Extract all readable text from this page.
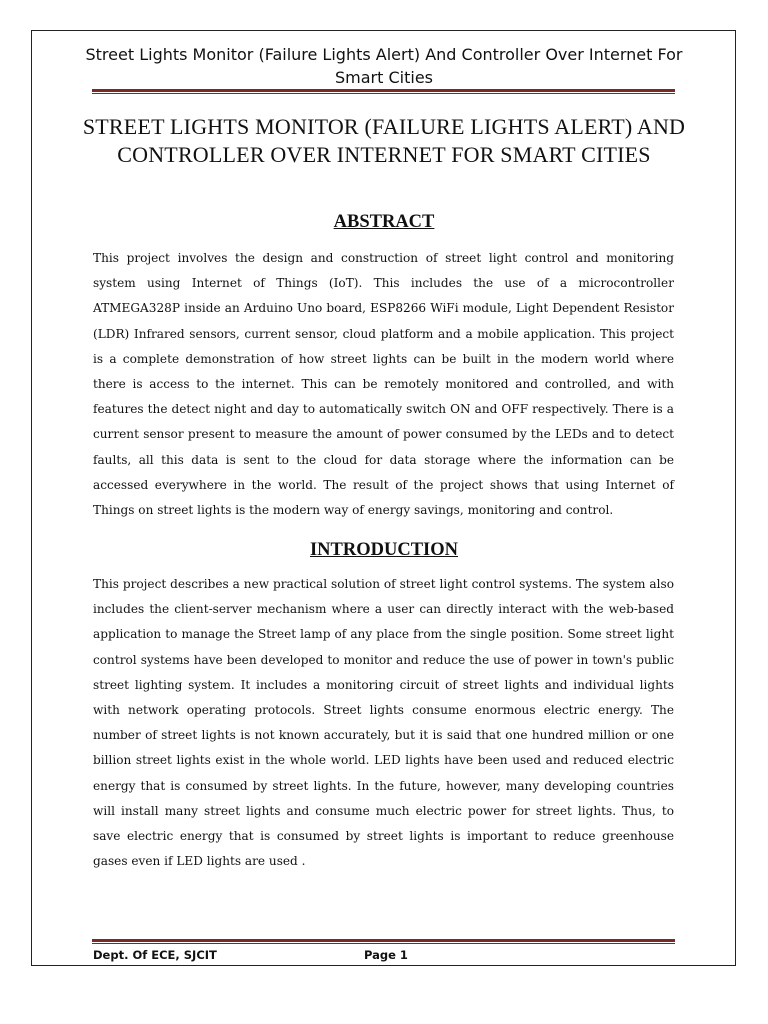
Street Lights Monitor (Failure Lights Alert) And Controller Over Internet For Smart Cities
STREET LIGHTS MONITOR (FAILURE LIGHTS ALERT) AND CONTROLLER OVER INTERNET FOR SMART CITIES
ABSTRACT
This project involves the design and construction of street light control and monitoring system using Internet of Things (IoT). This includes the use of a microcontroller ATMEGA328P inside an Arduino Uno board, ESP8266 WiFi module, Light Dependent Resistor (LDR) Infrared sensors, current sensor, cloud platform and a mobile application. This project is a complete demonstration of how street lights can be built in the modern world where there is access to the internet. This can be remotely monitored and controlled, and with features the detect night and day to automatically switch ON and OFF respectively. There is a current sensor present to measure the amount of power consumed by the LEDs and to detect faults, all this data is sent to the cloud for data storage where the information can be accessed everywhere in the world. The result of the project shows that using Internet of Things on street lights is the modern way of energy savings, monitoring and control.
INTRODUCTION
This project describes a new practical solution of street light control systems. The system also includes the client-server mechanism where a user can directly interact with the web-based application to manage the Street lamp of any place from the single position. Some street light control systems have been developed to monitor and reduce the use of power in town's public street lighting system. It includes a monitoring circuit of street lights and individual lights with network operating protocols. Street lights consume enormous electric energy. The number of street lights is not known accurately, but it is said that one hundred million or one billion street lights exist in the whole world. LED lights have been used and reduced electric energy that is consumed by street lights. In the future, however, many developing countries will install many street lights and consume much electric power for street lights. Thus, to save electric energy that is consumed by street lights is important to reduce greenhouse gases even if LED lights are used .
Dept. Of ECE, SJCIT	Page 1
